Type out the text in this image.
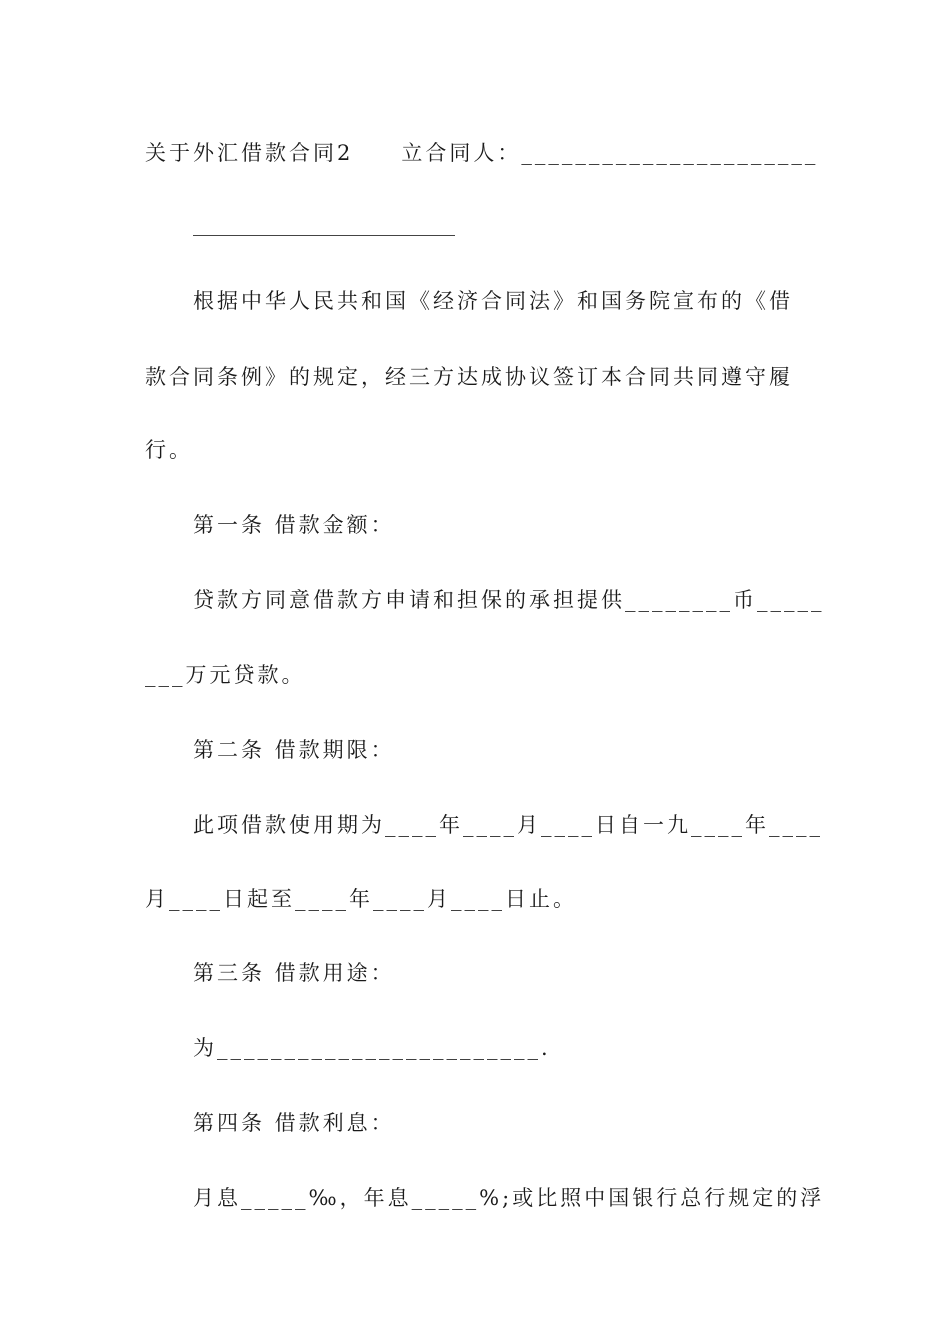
关于外汇借款合同2 立合同人：______________________
根据中华人民共和国《经济合同法》和国务院宣布的《借
款合同条例》的规定，经三方达成协议签订本合同共同遵守履
行。
第一条 借款金额：
贷款方同意借款方申请和担保的承担提供________币_____
___万元贷款。
第二条 借款期限：
此项借款使用期为____年____月____日自一九____年____
月____日起至____年____月____日止。
第三条 借款用途：
为________________________.
第四条 借款利息：
月息_____‰，年息_____%;或比照中国银行总行规定的浮
